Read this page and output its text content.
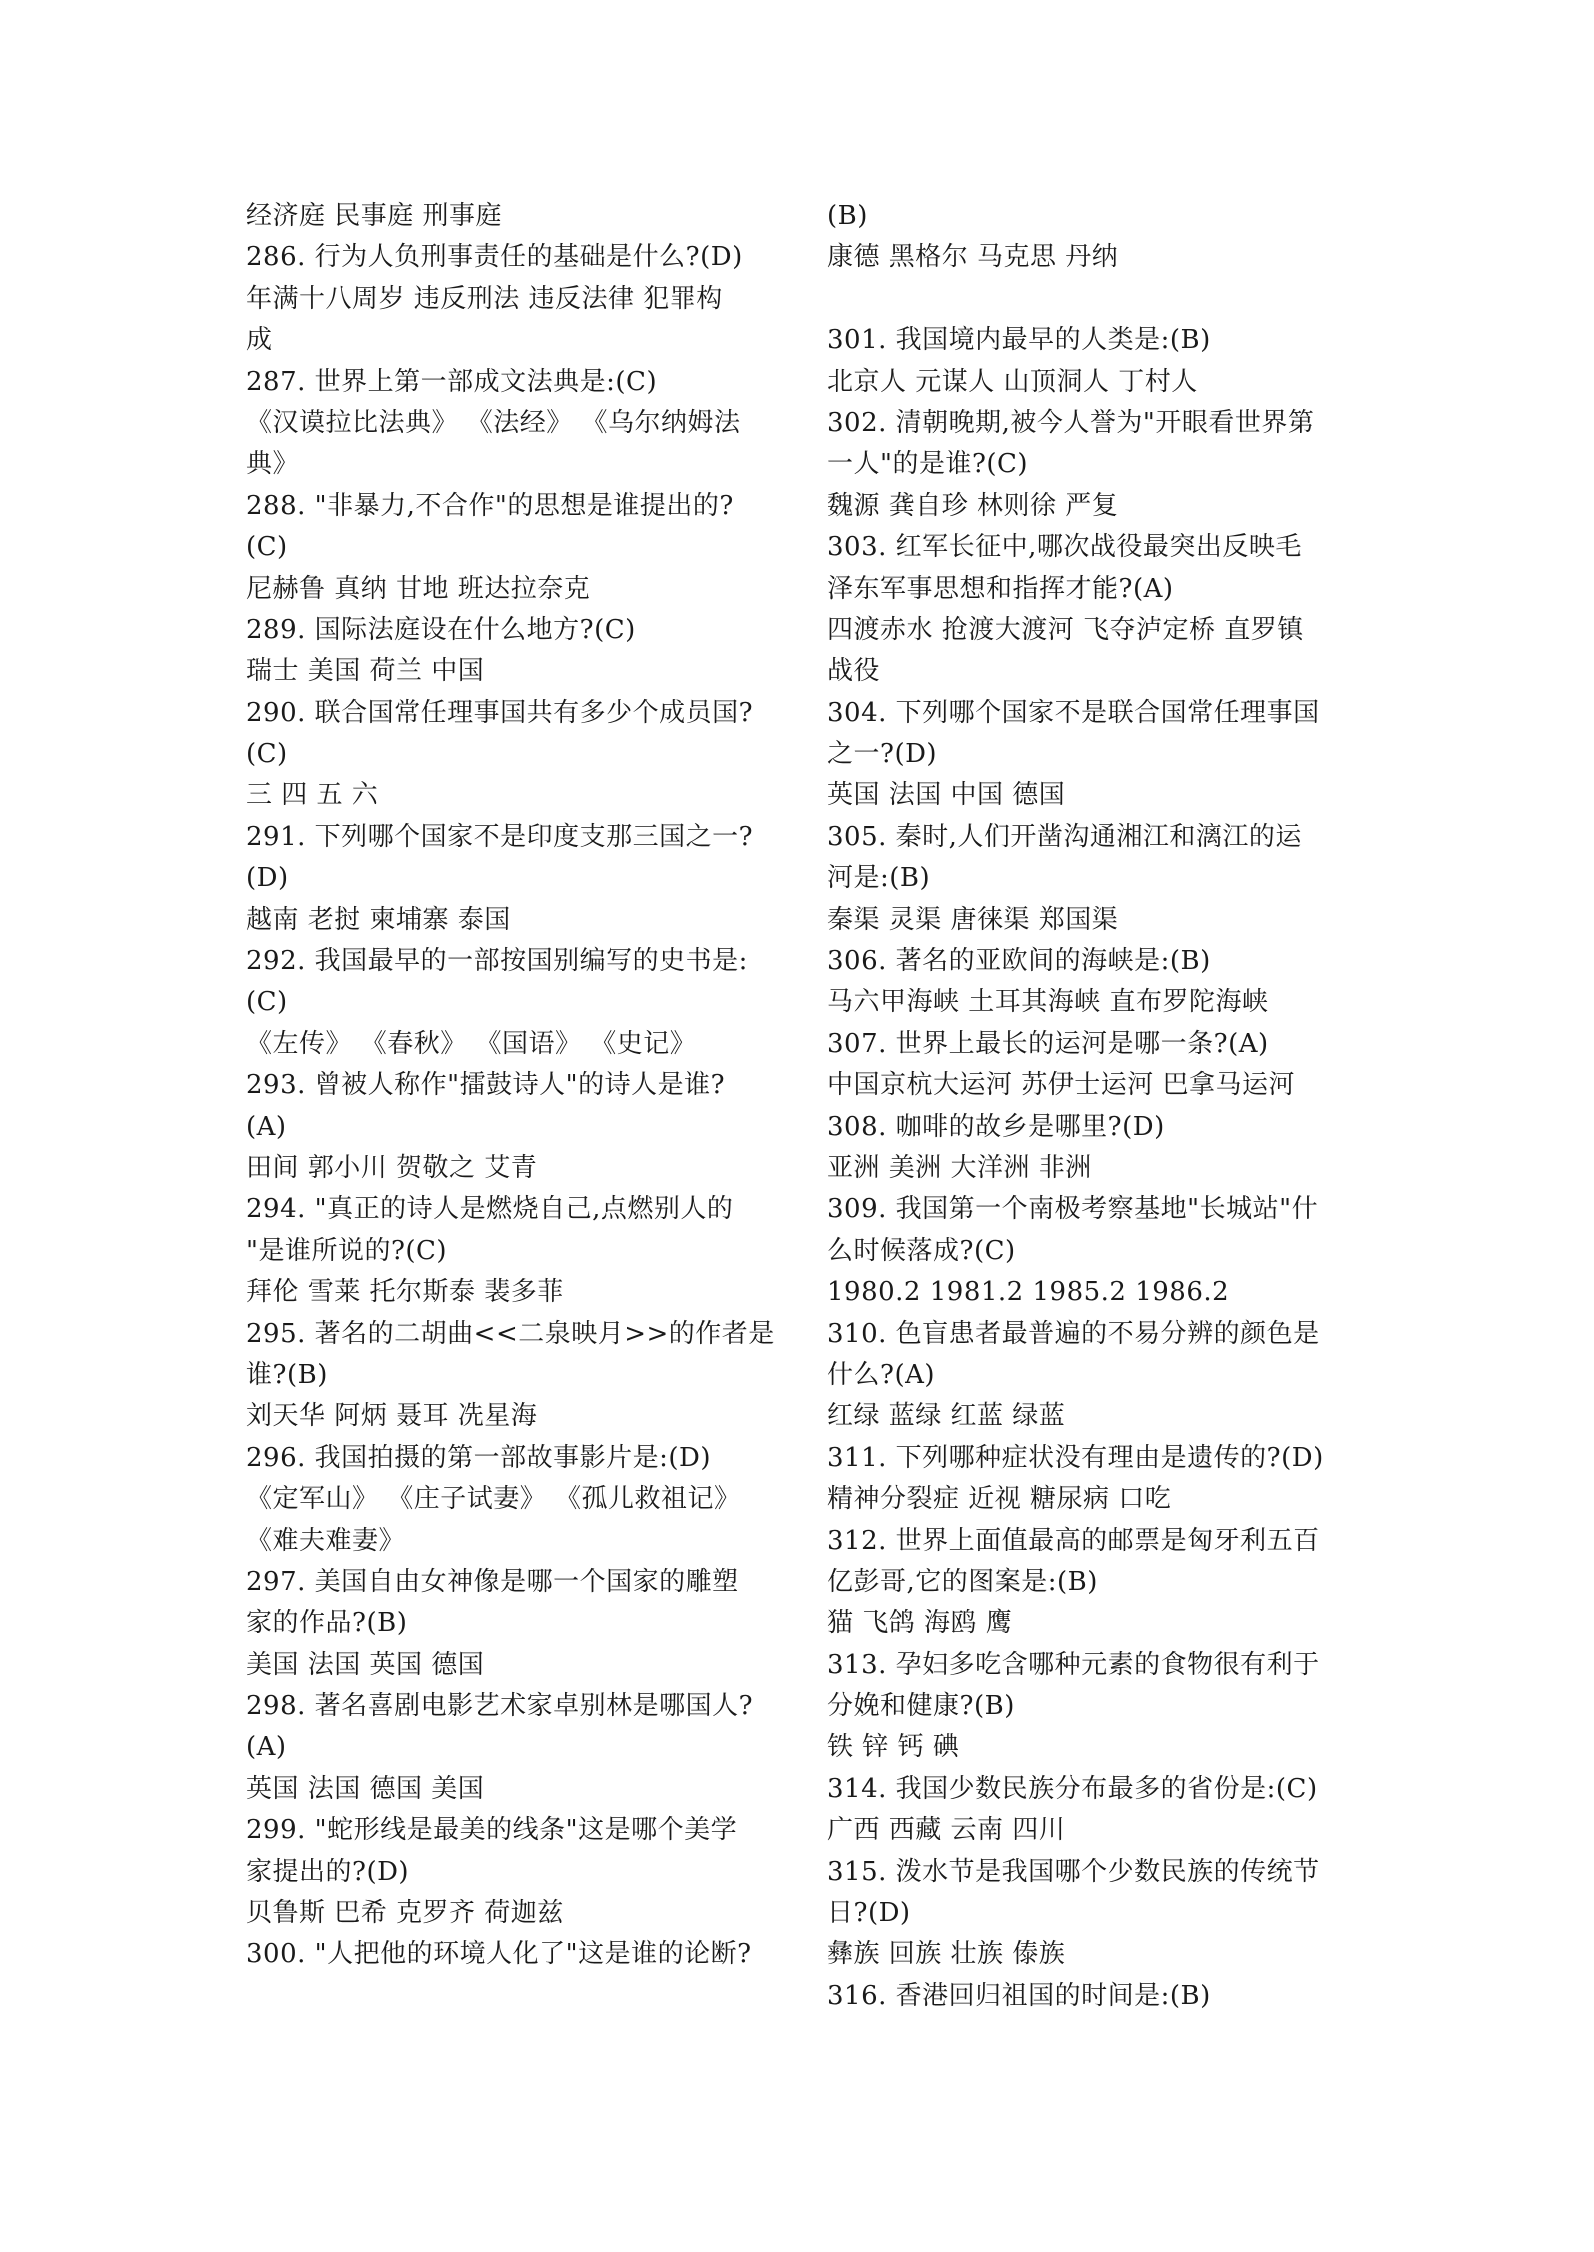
经济庭 民事庭 刑事庭
286. 行为人负刑事责任的基础是什么?(D)
年满十八周岁 违反刑法 违反法律 犯罪构
成
287. 世界上第一部成文法典是:(C)
《汉谟拉比法典》 《法经》 《乌尔纳姆法
典》
288. "非暴力,不合作"的思想是谁提出的?
(C)
尼赫鲁 真纳 甘地 班达拉奈克
289. 国际法庭设在什么地方?(C)
瑞士 美国 荷兰 中国
290. 联合国常任理事国共有多少个成员国?
(C)
三 四 五 六
291. 下列哪个国家不是印度支那三国之一?
(D)
越南 老挝 柬埔寨 泰国
292. 我国最早的一部按国别编写的史书是:
(C)
《左传》 《春秋》 《国语》 《史记》
293. 曾被人称作"擂鼓诗人"的诗人是谁?
(A)
田间 郭小川 贺敬之 艾青
294. "真正的诗人是燃烧自己,点燃别人的
"是谁所说的?(C)
拜伦 雪莱 托尔斯泰 裴多菲
295. 著名的二胡曲<<二泉映月>>的作者是
谁?(B)
刘天华 阿炳 聂耳 冼星海
296. 我国拍摄的第一部故事影片是:(D)
《定军山》 《庄子试妻》 《孤儿救祖记》
《难夫难妻》
297. 美国自由女神像是哪一个国家的雕塑
家的作品?(B)
美国 法国 英国 德国
298. 著名喜剧电影艺术家卓别林是哪国人?
(A)
英国 法国 德国 美国
299. "蛇形线是最美的线条"这是哪个美学
家提出的?(D)
贝鲁斯 巴希 克罗齐 荷迦兹
300. "人把他的环境人化了"这是谁的论断?
(B)
康德 黑格尔 马克思 丹纳
301. 我国境内最早的人类是:(B)
北京人 元谋人 山顶洞人 丁村人
302. 清朝晚期,被今人誉为"开眼看世界第
一人"的是谁?(C)
魏源 龚自珍 林则徐 严复
303. 红军长征中,哪次战役最突出反映毛
泽东军事思想和指挥才能?(A)
四渡赤水 抢渡大渡河 飞夺泸定桥 直罗镇
战役
304. 下列哪个国家不是联合国常任理事国
之一?(D)
英国 法国 中国 德国
305. 秦时,人们开凿沟通湘江和漓江的运
河是:(B)
秦渠 灵渠 唐徕渠 郑国渠
306. 著名的亚欧间的海峡是:(B)
马六甲海峡 土耳其海峡 直布罗陀海峡
307. 世界上最长的运河是哪一条?(A)
中国京杭大运河 苏伊士运河 巴拿马运河
308. 咖啡的故乡是哪里?(D)
亚洲 美洲 大洋洲 非洲
309. 我国第一个南极考察基地"长城站"什
么时候落成?(C)
1980.2 1981.2 1985.2 1986.2
310. 色盲患者最普遍的不易分辨的颜色是
什么?(A)
红绿 蓝绿 红蓝 绿蓝
311. 下列哪种症状没有理由是遗传的?(D)
精神分裂症 近视 糖尿病 口吃
312. 世界上面值最高的邮票是匈牙利五百
亿彭哥,它的图案是:(B)
猫 飞鸽 海鸥 鹰
313. 孕妇多吃含哪种元素的食物很有利于
分娩和健康?(B)
铁 锌 钙 碘
314. 我国少数民族分布最多的省份是:(C)
广西 西藏 云南 四川
315. 泼水节是我国哪个少数民族的传统节
日?(D)
彝族 回族 壮族 傣族
316. 香港回归祖国的时间是:(B)
